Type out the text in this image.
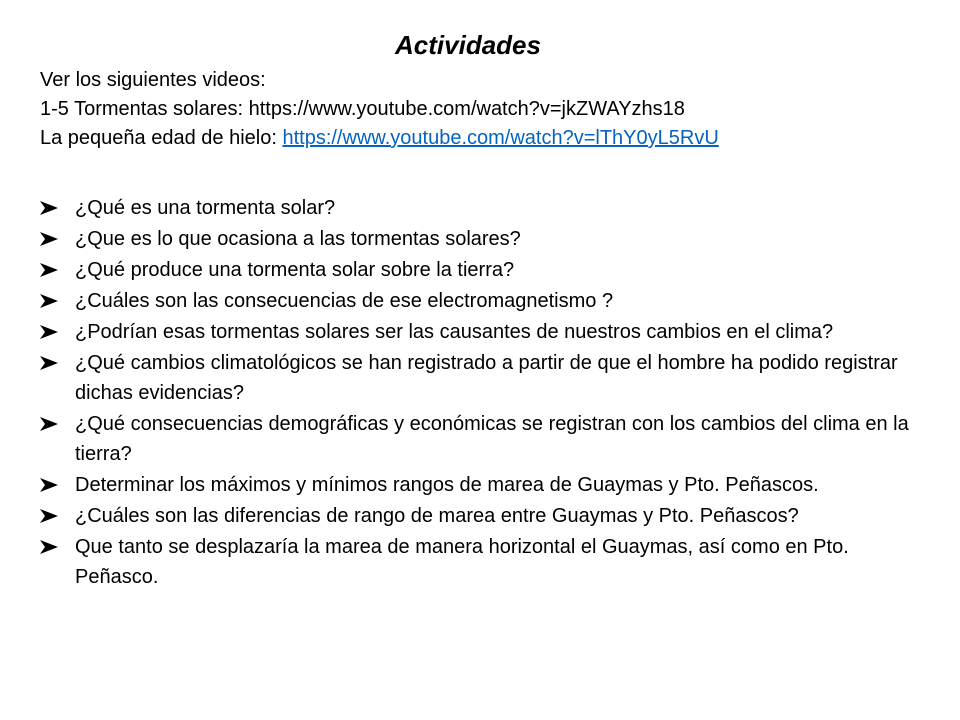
Actividades
Ver los siguientes videos:
1-5 Tormentas solares: https://www.youtube.com/watch?v=jkZWAYzhs18
La pequeña edad de hielo: https://www.youtube.com/watch?v=lThY0yL5RvU
¿Qué es una tormenta solar?
¿Que es lo que ocasiona a las tormentas solares?
¿Qué produce una tormenta solar sobre la tierra?
¿Cuáles son las consecuencias de ese electromagnetismo ?
¿Podrían esas tormentas solares ser las causantes de nuestros cambios en el clima?
¿Qué cambios climatológicos se han registrado a partir de que el hombre ha podido registrar dichas evidencias?
¿Qué consecuencias demográficas y económicas se registran con los cambios del clima en la tierra?
Determinar los máximos y mínimos rangos de marea de Guaymas y Pto. Peñascos.
¿Cuáles son las diferencias de rango de marea entre Guaymas y Pto. Peñascos?
Que tanto se desplazaría la marea de manera horizontal el Guaymas, así como en Pto. Peñasco.
